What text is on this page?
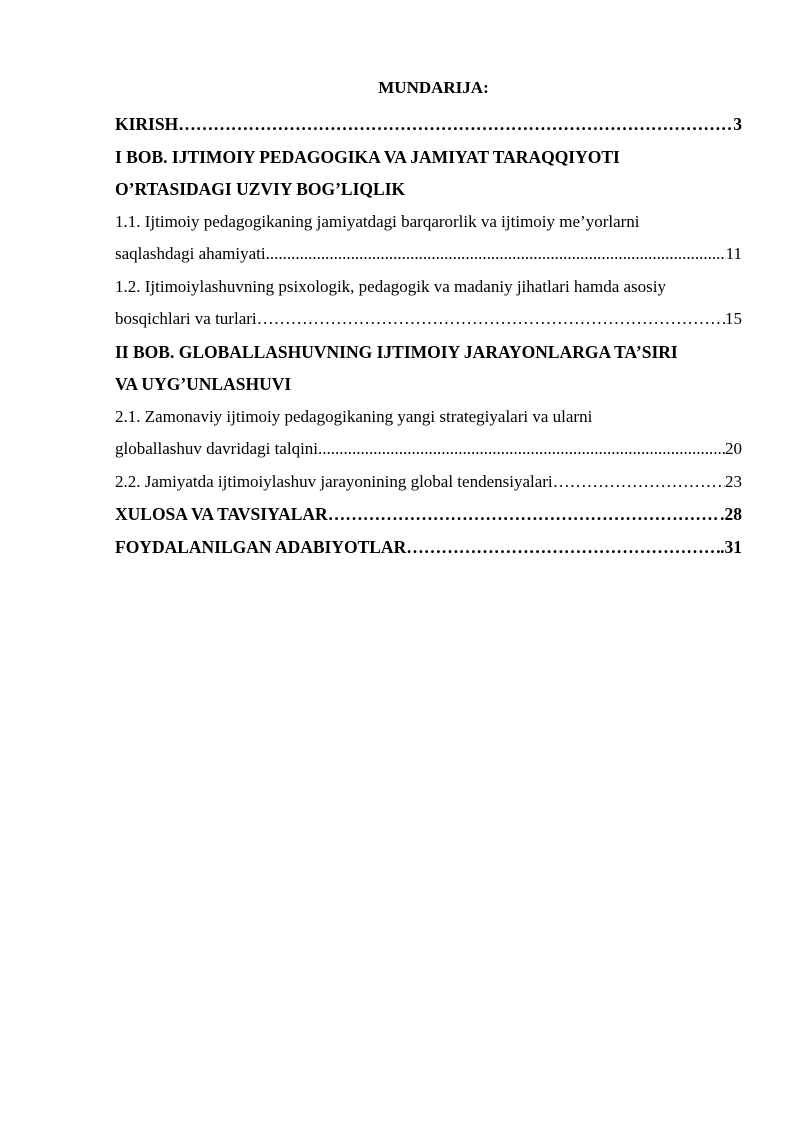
MUNDARIJA:
KIRISH ………………………………………………………………………………………………………………………………………………………………………………………………………………………………	3
I BOB. IJTIMOIY PEDAGOGIKA VA JAMIYAT TARAQQIYOTI
O’RTASIDAGI UZVIY BOG’LIQLIK
1.1. Ijtimoiy pedagogikaning jamiyatdagi barqarorlik va ijtimoiy me’yorlarni
saqlashdagi ahamiyati .....	11
1.2. Ijtimoiylashuvning psixologik, pedagogik va madaniy jihatlari hamda asosiy
bosqichlari va turlari ………………………………………………………………………………………………………………………………………………………………………………………………………………………………	15
II BOB. GLOBALLASHUVNING IJTIMOIY JARAYONLARGA TA’SIRI
VA UYG’UNLASHUVI
2.1. Zamonaviy ijtimoiy pedagogikaning yangi strategiyalari va ularni
globallashuv davridagi talqini .....	20
2.2. Jamiyatda ijtimoiylashuv jarayonining global tendensiyalari ………………………………………………………………………………………………………………………………………………………………………………………………………………………………	23
XULOSA VA TAVSIYALAR ………………………………………………………………………………………………………………………………………………………………………………………………………………………………	.28
FOYDALANILGAN ADABIYOTLAR ………………………………………………………………………………………………………………………………………………………………………………………………………………………………	.31
